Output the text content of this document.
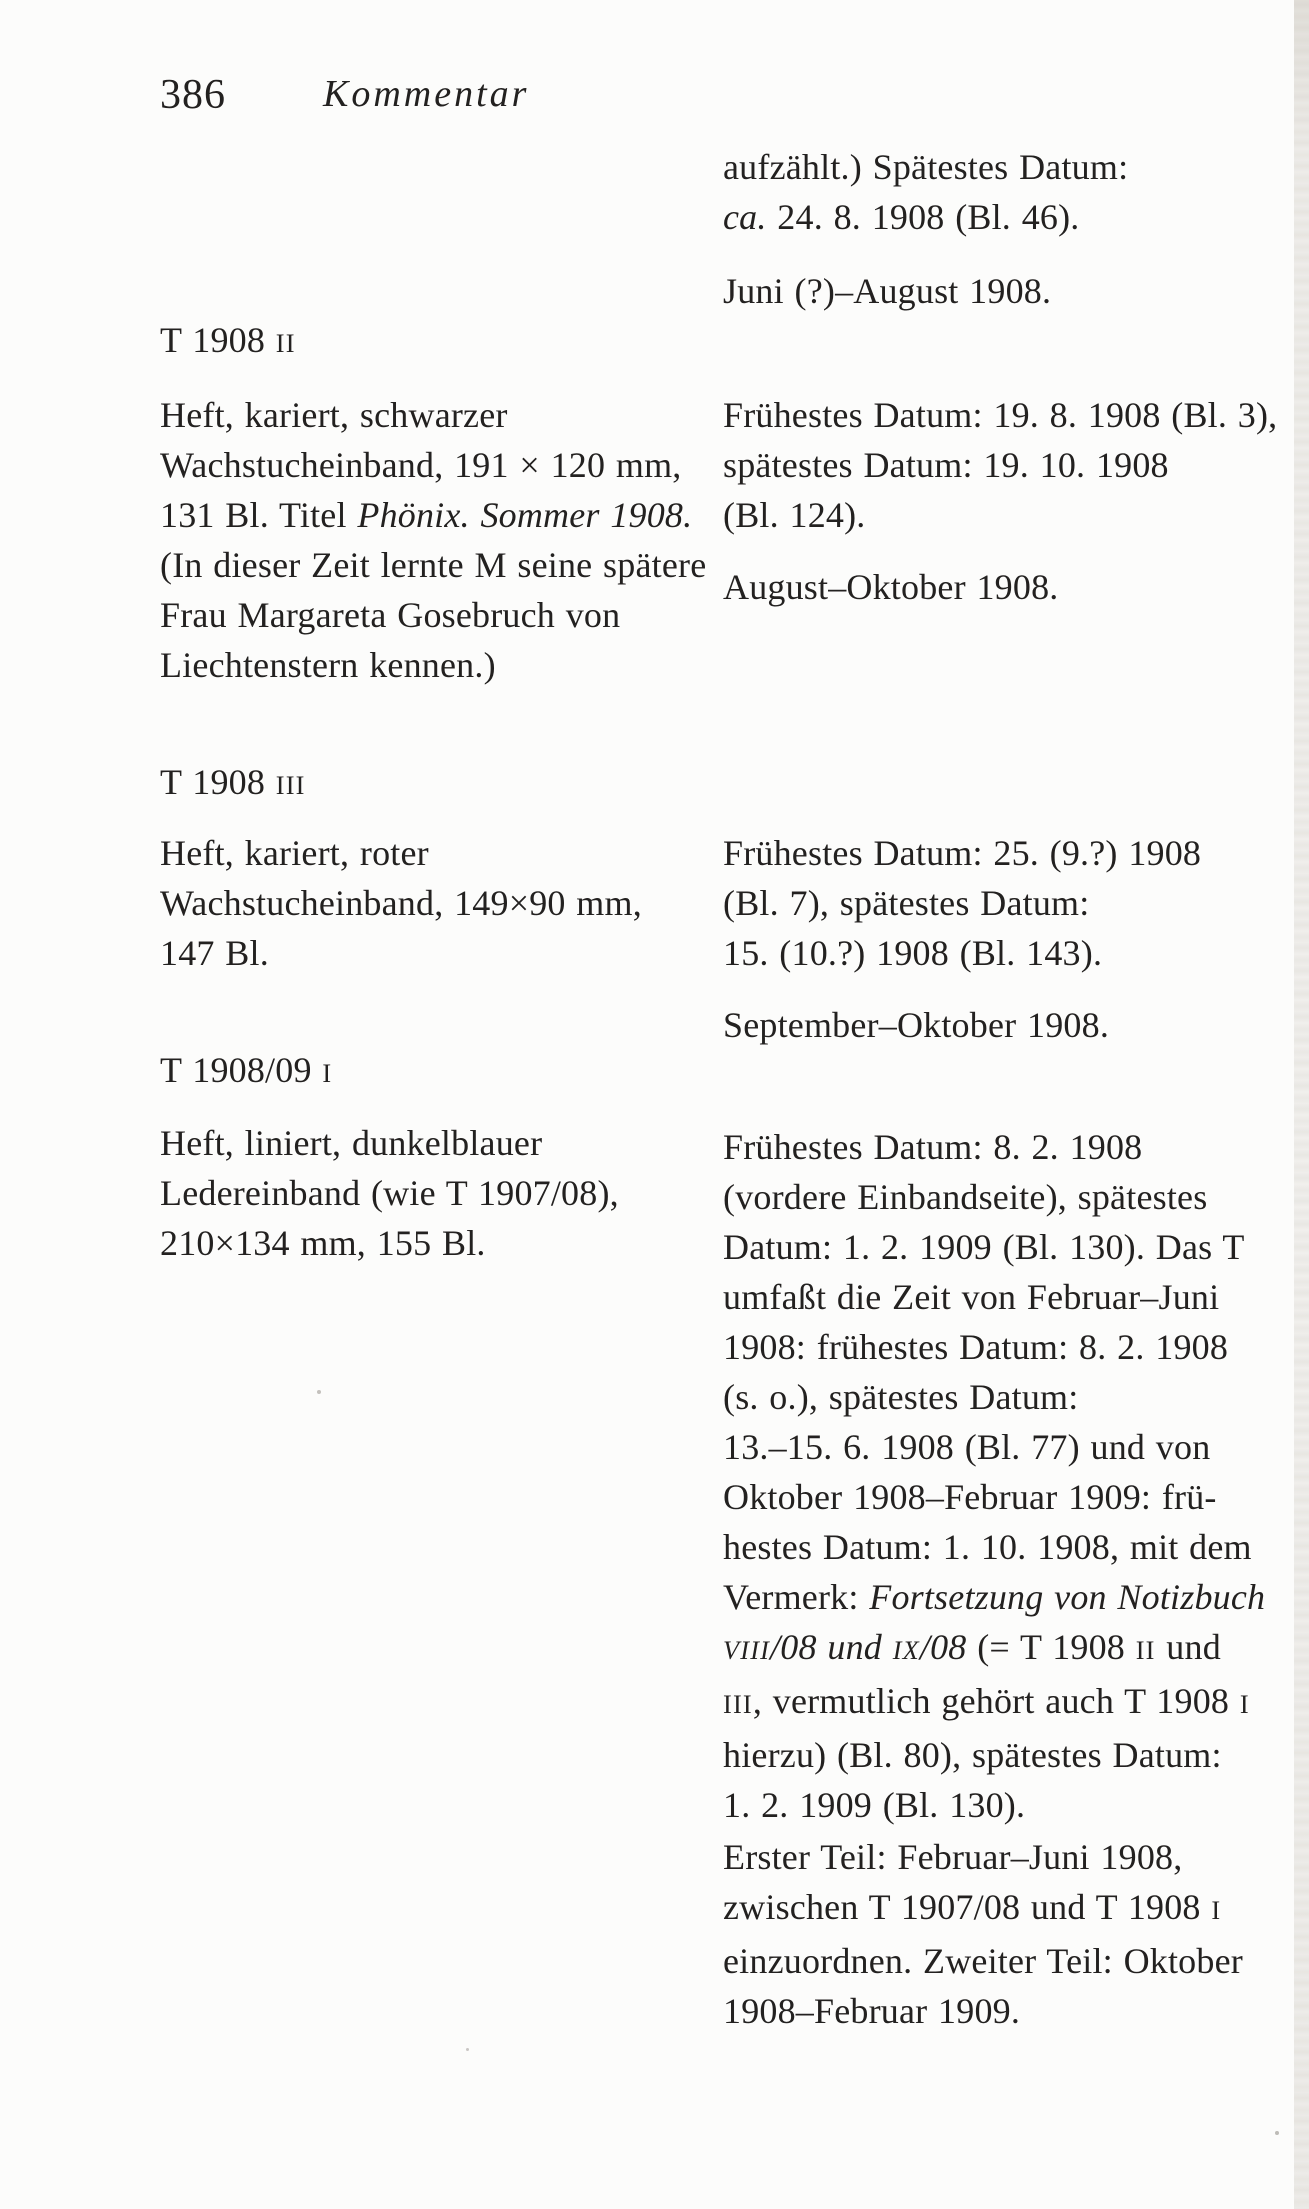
386	Kommentar
aufzählt.) Spätestes Datum:
ca. 24. 8. 1908 (Bl. 46).
Juni (?)–August 1908.
T 1908 II
Heft, kariert, schwarzer
Wachstucheinband, 191 × 120 mm,
131 Bl. Titel Phönix. Sommer 1908.
(In dieser Zeit lernte M seine spätere
Frau Margareta Gosebruch von
Liechtenstern kennen.)
Frühestes Datum: 19. 8. 1908 (Bl. 3),
spätestes Datum: 19. 10. 1908
(Bl. 124).
August–Oktober 1908.
T 1908 III
Heft, kariert, roter
Wachstucheinband, 149×90 mm,
147 Bl.
Frühestes Datum: 25. (9.?) 1908
(Bl. 7), spätestes Datum:
15. (10.?) 1908 (Bl. 143).
September–Oktober 1908.
T 1908/09 I
Heft, liniert, dunkelblauer
Ledereinband (wie T 1907/08),
210×134 mm, 155 Bl.
Frühestes Datum: 8. 2. 1908
(vordere Einbandseite), spätestes
Datum: 1. 2. 1909 (Bl. 130). Das T
umfaßt die Zeit von Februar–Juni
1908: frühestes Datum: 8. 2. 1908
(s. o.), spätestes Datum:
13.–15. 6. 1908 (Bl. 77) und von
Oktober 1908–Februar 1909: frü-
hestes Datum: 1. 10. 1908, mit dem
Vermerk: Fortsetzung von Notizbuch
VIII/08 und IX/08 (= T 1908 II und
III, vermutlich gehört auch T 1908 I
hierzu) (Bl. 80), spätestes Datum:
1. 2. 1909 (Bl. 130).
Erster Teil: Februar–Juni 1908,
zwischen T 1907/08 und T 1908 I
einzuordnen. Zweiter Teil: Oktober
1908–Februar 1909.
